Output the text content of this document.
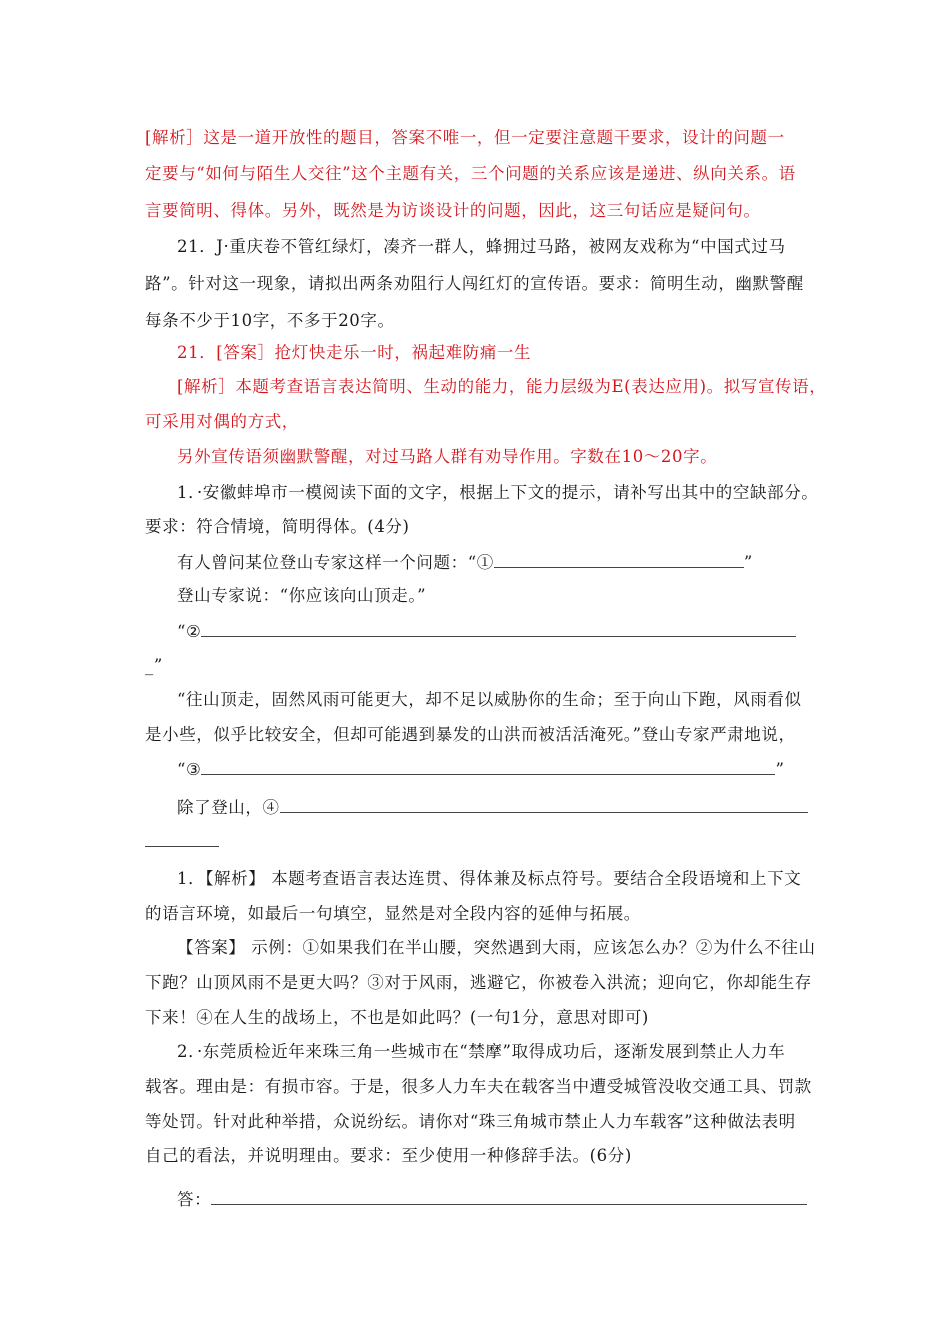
[解析］这是一道开放性的题目，答案不唯一，但一定要注意题干要求，设计的问题一
定要与“如何与陌生人交往”这个主题有关，三个问题的关系应该是递进、纵向关系。语
言要简明、得体。另外，既然是为访谈设计的问题，因此，这三句话应是疑问句。
21．J·重庆卷不管红绿灯，凑齐一群人，蜂拥过马路，被网友戏称为“中国式过马
路”。针对这一现象，请拟出两条劝阻行人闯红灯的宣传语。要求：简明生动，幽默警醒
每条不少于10字，不多于20字。
21．[答案］抢灯快走乐一时，祸起难防痛一生
[解析］本题考查语言表达简明、生动的能力，能力层级为E(表达应用)。拟写宣传语，
可采用对偶的方式，
另外宣传语须幽默警醒，对过马路人群有劝导作用。字数在10～20字。
1．·安徽蚌埠市一模阅读下面的文字，根据上下文的提示，请补写出其中的空缺部分。
要求：符合情境，简明得体。(4分)
有人曾问某位登山专家这样一个问题：“①	”
登山专家说：“你应该向山顶走。”
“②
_”
“往山顶走，固然风雨可能更大，却不足以威胁你的生命；至于向山下跑，风雨看似
是小些，似乎比较安全，但却可能遇到暴发的山洪而被活活淹死。”登山专家严肃地说，
“③	”
除了登山，④
1．【解析】 本题考查语言表达连贯、得体兼及标点符号。要结合全段语境和上下文
的语言环境，如最后一句填空，显然是对全段内容的延伸与拓展。
【答案】 示例：①如果我们在半山腰，突然遇到大雨，应该怎么办？②为什么不往山
下跑？山顶风雨不是更大吗？③对于风雨，逃避它，你被卷入洪流；迎向它，你却能生存
下来！④在人生的战场上，不也是如此吗？(一句1分，意思对即可)
2．·东莞质检近年来珠三角一些城市在“禁摩”取得成功后，逐渐发展到禁止人力车
载客。理由是：有损市容。于是，很多人力车夫在载客当中遭受城管没收交通工具、罚款
等处罚。针对此种举措，众说纷纭。请你对“珠三角城市禁止人力车载客”这种做法表明
自己的看法，并说明理由。要求：至少使用一种修辞手法。(6分)
答：
